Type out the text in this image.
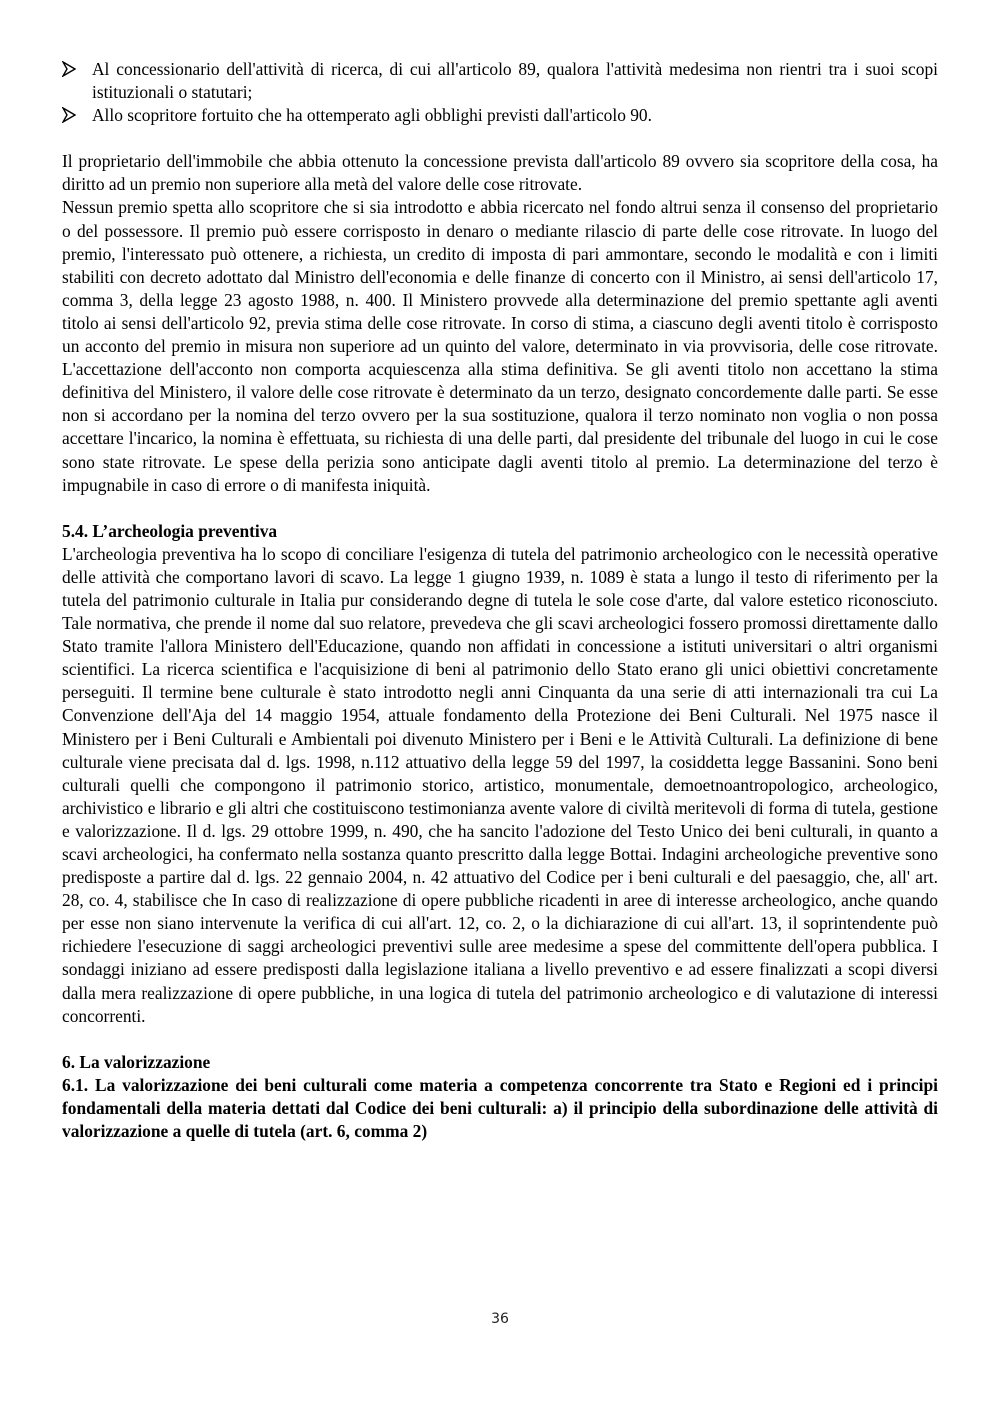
Al concessionario dell'attività di ricerca, di cui all'articolo 89, qualora l'attività medesima non rientri tra i suoi scopi istituzionali o statutari;
Allo scopritore fortuito che ha ottemperato agli obblighi previsti dall'articolo 90.

Il proprietario dell'immobile che abbia ottenuto la concessione prevista dall'articolo 89 ovvero sia scopritore della cosa, ha diritto ad un premio non superiore alla metà del valore delle cose ritrovate.

Nessun premio spetta allo scopritore che si sia introdotto e abbia ricercato nel fondo altrui senza il consenso del proprietario o del possessore. Il premio può essere corrisposto in denaro o mediante rilascio di parte delle cose ritrovate. In luogo del premio, l'interessato può ottenere, a richiesta, un credito di imposta di pari ammontare, secondo le modalità e con i limiti stabiliti con decreto adottato dal Ministro dell'economia e delle finanze di concerto con il Ministro, ai sensi dell'articolo 17, comma 3, della legge 23 agosto 1988, n. 400. Il Ministero provvede alla determinazione del premio spettante agli aventi titolo ai sensi dell'articolo 92, previa stima delle cose ritrovate. In corso di stima, a ciascuno degli aventi titolo è corrisposto un acconto del premio in misura non superiore ad un quinto del valore, determinato in via provvisoria, delle cose ritrovate. L'accettazione dell'acconto non comporta acquiescenza alla stima definitiva. Se gli aventi titolo non accettano la stima definitiva del Ministero, il valore delle cose ritrovate è determinato da un terzo, designato concordemente dalle parti. Se esse non si accordano per la nomina del terzo ovvero per la sua sostituzione, qualora il terzo nominato non voglia o non possa accettare l'incarico, la nomina è effettuata, su richiesta di una delle parti, dal presidente del tribunale del luogo in cui le cose sono state ritrovate. Le spese della perizia sono anticipate dagli aventi titolo al premio. La determinazione del terzo è impugnabile in caso di errore o di manifesta iniquità.

5.4. L’archeologia preventiva

L'archeologia preventiva ha lo scopo di conciliare l'esigenza di tutela del patrimonio archeologico con le necessità operative delle attività che comportano lavori di scavo. La legge 1 giugno 1939, n. 1089 è stata a lungo il testo di riferimento per la tutela del patrimonio culturale in Italia pur considerando degne di tutela le sole cose d'arte, dal valore estetico riconosciuto. Tale normativa, che prende il nome dal suo relatore, prevedeva che gli scavi archeologici fossero promossi direttamente dallo Stato tramite l'allora Ministero dell'Educazione, quando non affidati in concessione a istituti universitari o altri organismi scientifici. La ricerca scientifica e l'acquisizione di beni al patrimonio dello Stato erano gli unici obiettivi concretamente perseguiti. Il termine bene culturale è stato introdotto negli anni Cinquanta da una serie di atti internazionali tra cui La Convenzione dell'Aja del 14 maggio 1954, attuale fondamento della Protezione dei Beni Culturali. Nel 1975 nasce il Ministero per i Beni Culturali e Ambientali poi divenuto Ministero per i Beni e le Attività Culturali. La definizione di bene culturale viene precisata dal d. lgs. 1998, n.112 attuativo della legge 59 del 1997, la cosiddetta legge Bassanini. Sono beni culturali quelli che compongono il patrimonio storico, artistico, monumentale, demoetnoantropologico, archeologico, archivistico e librario e gli altri che costituiscono testimonianza avente valore di civiltà meritevoli di forma di tutela, gestione e valorizzazione. Il d. lgs. 29 ottobre 1999, n. 490, che ha sancito l'adozione del Testo Unico dei beni culturali, in quanto a scavi archeologici, ha confermato nella sostanza quanto prescritto dalla legge Bottai. Indagini archeologiche preventive sono predisposte a partire dal d. lgs. 22 gennaio 2004, n. 42 attuativo del Codice per i beni culturali e del paesaggio, che, all' art. 28, co. 4, stabilisce che In caso di realizzazione di opere pubbliche ricadenti in aree di interesse archeologico, anche quando per esse non siano intervenute la verifica di cui all'art. 12, co. 2, o la dichiarazione di cui all'art. 13, il soprintendente può richiedere l'esecuzione di saggi archeologici preventivi sulle aree medesime a spese del committente dell'opera pubblica. I sondaggi iniziano ad essere predisposti dalla legislazione italiana a livello preventivo e ad essere finalizzati a scopi diversi dalla mera realizzazione di opere pubbliche, in una logica di tutela del patrimonio archeologico e di valutazione di interessi concorrenti.

6. La valorizzazione
6.1. La valorizzazione dei beni culturali come materia a competenza concorrente tra Stato e Regioni ed i principi fondamentali della materia dettati dal Codice dei beni culturali: a) il principio della subordinazione delle attività di valorizzazione a quelle di tutela (art. 6, comma 2)
36
